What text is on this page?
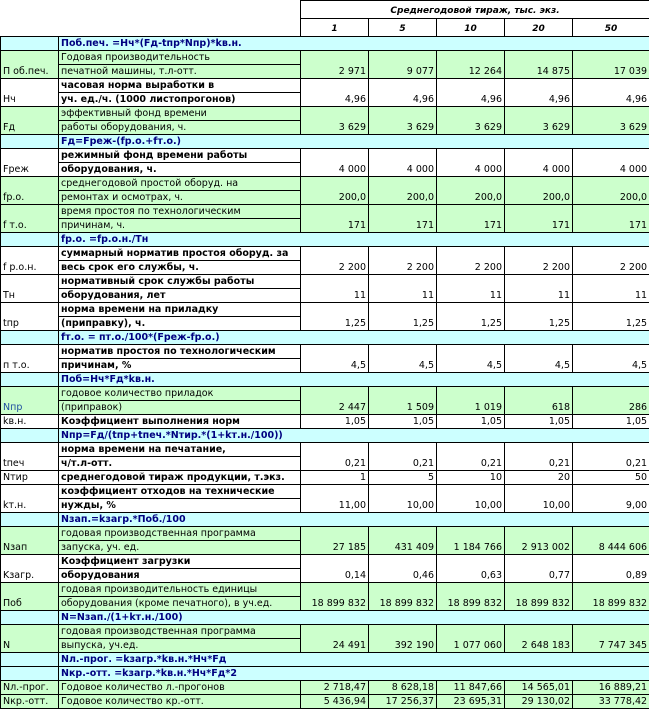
		Среднегодовой тираж, тыс. экз.				
		1	5	10	20	50
	Поб.печ. =Нч*(Fд-tпр*Nпр)*kв.н.					
П об.печ.	Годовая производительность	2 971	9 077	12 264	14 875	17 039
	печатной машины, т.л-отт.					
Нч	часовая норма выработки в	4,96	4,96	4,96	4,96	4,96
	уч. ед./ч. (1000 листопрогонов)					
Fд	эффективный фонд времени	3 629	3 629	3 629	3 629	3 629
	работы оборудования, ч.					
	Fд=Fреж-(fр.о.+fт.о.)					
Fреж	режимный фонд времени работы	4 000	4 000	4 000	4 000	4 000
	оборудования, ч.					
fр.о.	среднегодовой простой оборуд. на	200,0	200,0	200,0	200,0	200,0
	ремонтах и осмотрах, ч.					
f т.о.	время простоя по технологическим	171	171	171	171	171
	причинам, ч.					
	fр.о. =fр.о.н./Тн					
f р.о.н.	суммарный норматив простоя оборуд. за	2 200	2 200	2 200	2 200	2 200
	весь срок его службы, ч.					
Тн	нормативный срок службы работы	11	11	11	11	11
	оборудования, лет					
tпр	норма времени на приладку	1,25	1,25	1,25	1,25	1,25
	(приправку), ч.					
	fт.о. = пт.о./100*(Fреж-fр.о.)					
п т.о.	норматив простоя по технологическим	4,5	4,5	4,5	4,5	4,5
	причинам, %					
	Поб=Нч*Fд*kв.н.					
Nпр	годовое количество приладок	2 447	1 509	1 019	618	286
	(приправок)					
kв.н.	Коэффициент выполнения норм	1,05	1,05	1,05	1,05	1,05
	Nпр=Fд/(tпр+tпеч.*Nтир.*(1+kт.н./100))					
tпеч	норма времени на печатание,	0,21	0,21	0,21	0,21	0,21
	ч/т.л-отт.					
Nтир	среднегодовой тираж продукции, т.экз.	1	5	10	20	50
kт.н.	коэффициент отходов на технические	11,00	10,00	10,00	10,00	9,00
	нужды, %					
	Nзап.=kзагр.*Поб./100					
Nзап	годовая производственная программа	27 185	431 409	1 184 766	2 913 002	8 444 606
	запуска, уч. ед.					
Kзагр.	Коэффициент загрузки	0,14	0,46	0,63	0,77	0,89
	оборудования					
Поб	годовая производительность единицы	18 899 832	18 899 832	18 899 832	18 899 832	18 899 832
	оборудования (кроме печатного), в уч.ед.					
	N=Nзап./(1+kт.н./100)					
N	годовая производственная программа	24 491	392 190	1 077 060	2 648 183	7 747 345
	выпуска, уч.ед.					
	Nл.-прог. =kзагр.*kв.н.*Нч*Fд					
	Nкр.-отт. =kзагр.*kв.н.*Нч*Fд*2					
Nл.-прог.	Годовое количество л.-прогонов	2 718,47	8 628,18	11 847,66	14 565,01	16 889,21
Nкр.-отт.	Годовое количество кр.-отт.	5 436,94	17 256,37	23 695,31	29 130,02	33 778,42
